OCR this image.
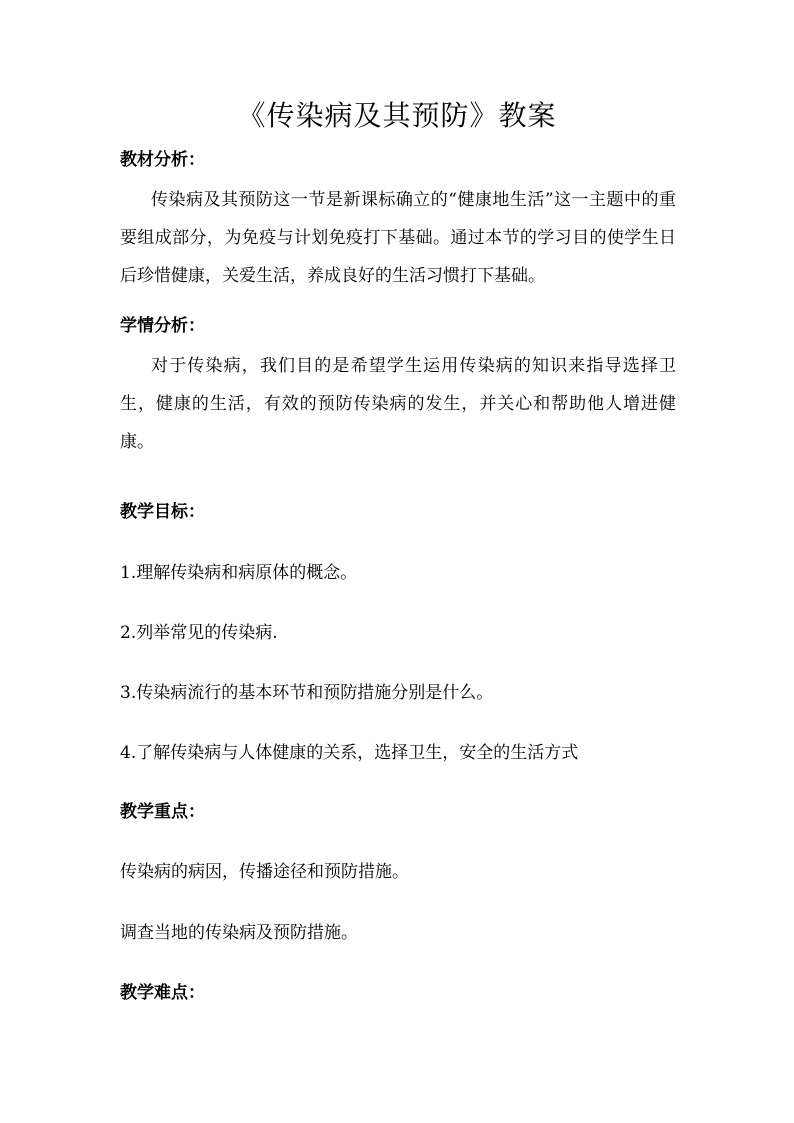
《传染病及其预防》教案
教材分析：
传染病及其预防这一节是新课标确立的“健康地生活”这一主题中的重要组成部分，为免疫与计划免疫打下基础。通过本节的学习目的使学生日后珍惜健康，关爱生活，养成良好的生活习惯打下基础。
学情分析：
对于传染病，我们目的是希望学生运用传染病的知识来指导选择卫生，健康的生活，有效的预防传染病的发生，并关心和帮助他人增进健康。
教学目标：
1.理解传染病和病原体的概念。
2.列举常见的传染病.
3.传染病流行的基本环节和预防措施分别是什么。
4.了解传染病与人体健康的关系，选择卫生，安全的生活方式
教学重点：
传染病的病因，传播途径和预防措施。
调查当地的传染病及预防措施。
教学难点：
